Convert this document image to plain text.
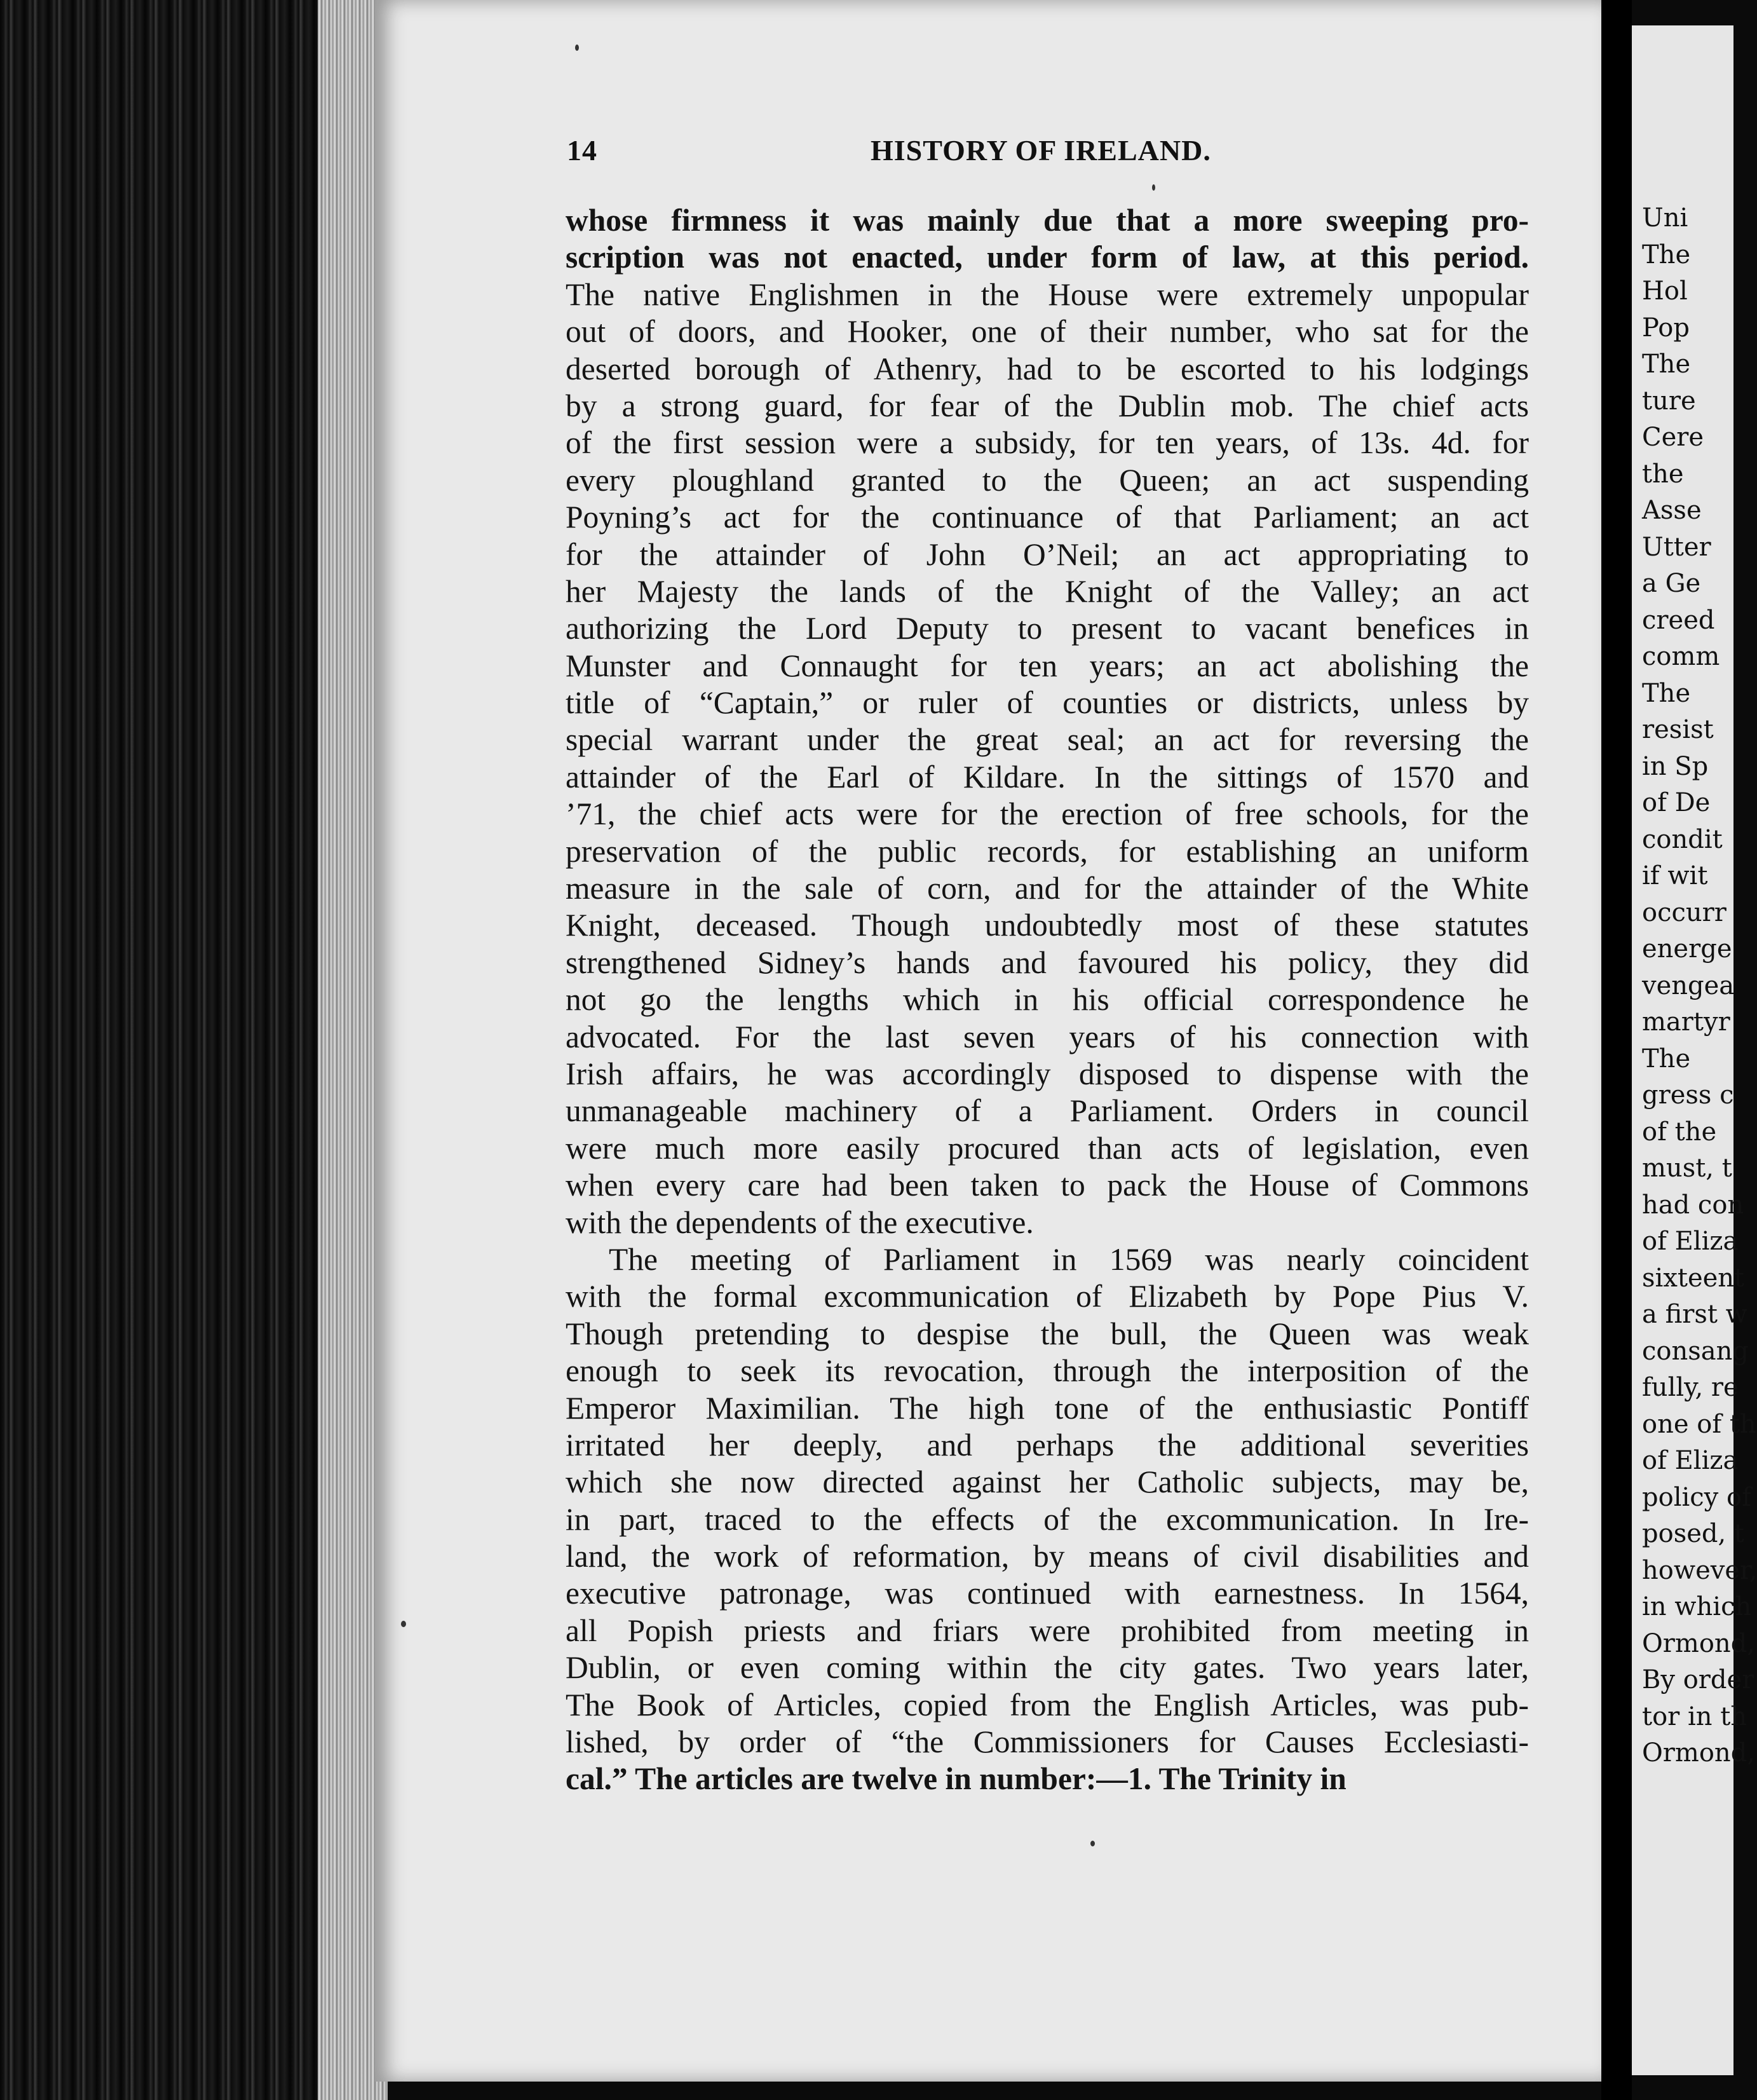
14	HISTORY OF IRELAND.
whose firmness it was mainly due that a more sweeping pro-
scription was not enacted, under form of law, at this period.
The native Englishmen in the House were extremely unpopular
out of doors, and Hooker, one of their number, who sat for the
deserted borough of Athenry, had to be escorted to his lodgings
by a strong guard, for fear of the Dublin mob. The chief acts
of the first session were a subsidy, for ten years, of 13s. 4d. for
every ploughland granted to the Queen; an act suspending
Poyning’s act for the continuance of that Parliament; an act
for the attainder of John O’Neil; an act appropriating to
her Majesty the lands of the Knight of the Valley; an act
authorizing the Lord Deputy to present to vacant benefices in
Munster and Connaught for ten years; an act abolishing the
title of “Captain,” or ruler of counties or districts, unless by
special warrant under the great seal; an act for reversing the
attainder of the Earl of Kildare. In the sittings of 1570 and
’71, the chief acts were for the erection of free schools, for the
preservation of the public records, for establishing an uniform
measure in the sale of corn, and for the attainder of the White
Knight, deceased. Though undoubtedly most of these statutes
strengthened Sidney’s hands and favoured his policy, they did
not go the lengths which in his official correspondence he
advocated. For the last seven years of his connection with
Irish affairs, he was accordingly disposed to dispense with the
unmanageable machinery of a Parliament. Orders in council
were much more easily procured than acts of legislation, even
when every care had been taken to pack the House of Commons
with the dependents of the executive.
The meeting of Parliament in 1569 was nearly coincident
with the formal excommunication of Elizabeth by Pope Pius V.
Though pretending to despise the bull, the Queen was weak
enough to seek its revocation, through the interposition of the
Emperor Maximilian. The high tone of the enthusiastic Pontiff
irritated her deeply, and perhaps the additional severities
which she now directed against her Catholic subjects, may be,
in part, traced to the effects of the excommunication. In Ire-
land, the work of reformation, by means of civil disabilities and
executive patronage, was continued with earnestness. In 1564,
all Popish priests and friars were prohibited from meeting in
Dublin, or even coming within the city gates. Two years later,
The Book of Articles, copied from the English Articles, was pub-
lished, by order of “the Commissioners for Causes Ecclesiasti-
cal.” The articles are twelve in number:—1. The Trinity in
Uni
The
Hol
Pop
The
ture
Cere
the
Asse
Utter
a Ge
creed
comm
The
resist
in Sp
of De
condit
if wit
occurr
energe
vengea
martyr
The
gress c
of the
must, t
had con
of Eliza
sixteent
a first w
consang
fully, re
one of th
of Eliza
policy of
posed, t
however,
in which
Ormond,
By order
tor in th
Ormond,
